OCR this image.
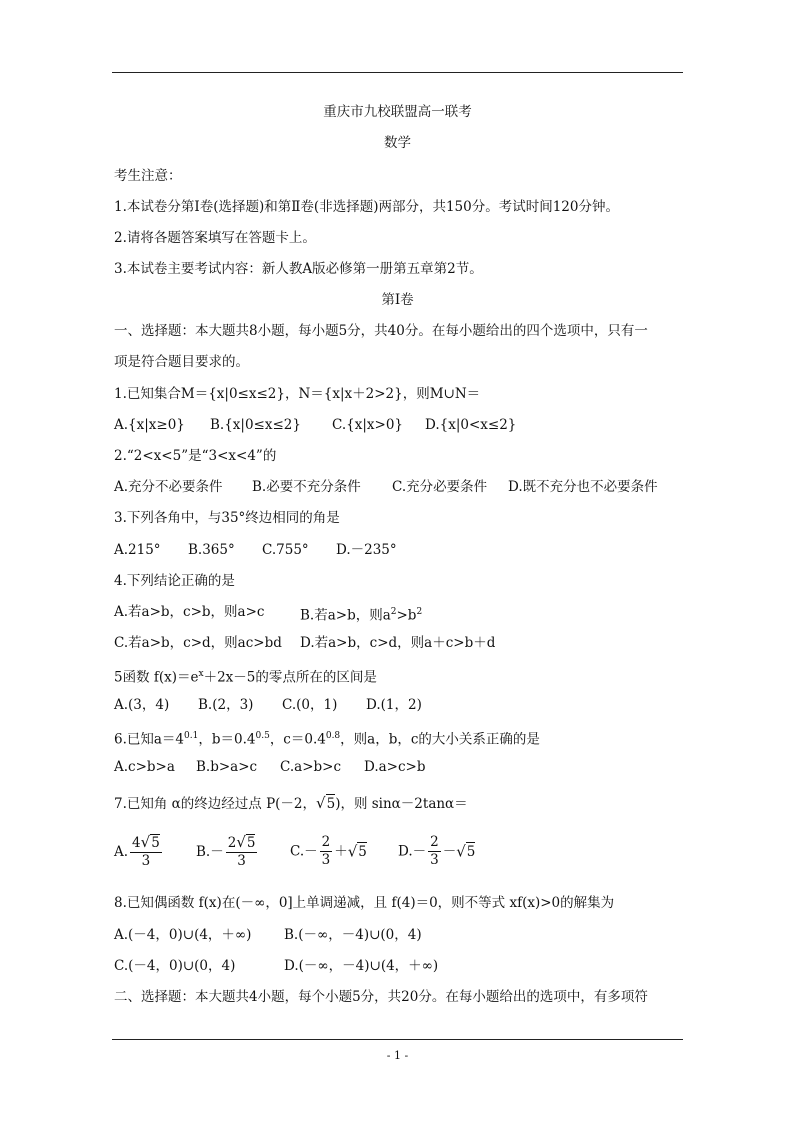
重庆市九校联盟高一联考
数学
考生注意：
1.本试卷分第Ⅰ卷(选择题)和第Ⅱ卷(非选择题)两部分，共150分。考试时间120分钟。
2.请将各题答案填写在答题卡上。
3.本试卷主要考试内容：新人教A版必修第一册第五章第2节。
第Ⅰ卷
一、选择题：本大题共8小题，每小题5分，共40分。在每小题给出的四个选项中，只有一
项是符合题目要求的。
1.已知集合M＝{x|0≤x≤2}，N＝{x|x＋2>2}，则M∪N＝
A.{x|x≥0} B.{x|0≤x≤2} C.{x|x>0} D.{x|0<x≤2}
2.“2<x<5”是“3<x<4”的
A.充分不必要条件 B.必要不充分条件 C.充分必要条件 D.既不充分也不必要条件
3.下列各角中，与35°终边相同的角是
A.215° B.365° C.755° D.－235°
4.下列结论正确的是
A.若a>b，c>b，则a>c	B.若a>b，则$a^2>b^2$
C.若a>b，c>d，则ac>bd D.若a>b，c>d，则a＋c>b＋d
5函数 $f(x)=e^x+2x-5$的零点所在的区间是
A.(3，4) B.(2，3) C.(0，1) D.(1，2)
6.已知$a=4^{0.1}$，$b=0.4^{0.5}$，$c=0.4^{0.8}$，则a，b，c的大小关系正确的是
A.c>b>a B.b>a>c C.a>b>c D.a>c>b
7.已知角 α的终边经过点 P(－2，√5)，则 sinα－2tanα＝
A. $\frac{4√5}{3}$	$B.- \frac{2√5}{3} C.- \frac{2}{3} +√5$ $D.- \frac{2}{3} -√5$
8.已知偶函数 f(x)在(－∞，0]上单调递减，且 f(4)＝0，则不等式 xf(x)>0的解集为
A.(－4，0)∪(4，＋∞) B.(－∞，－4)∪(0，4)
C.(－4，0)∪(0，4)	D.(－∞，－4)∪(4，＋∞)
二、选择题：本大题共4小题，每个小题5分，共20分。在每小题给出的选项中，有多项符
- 1 -
